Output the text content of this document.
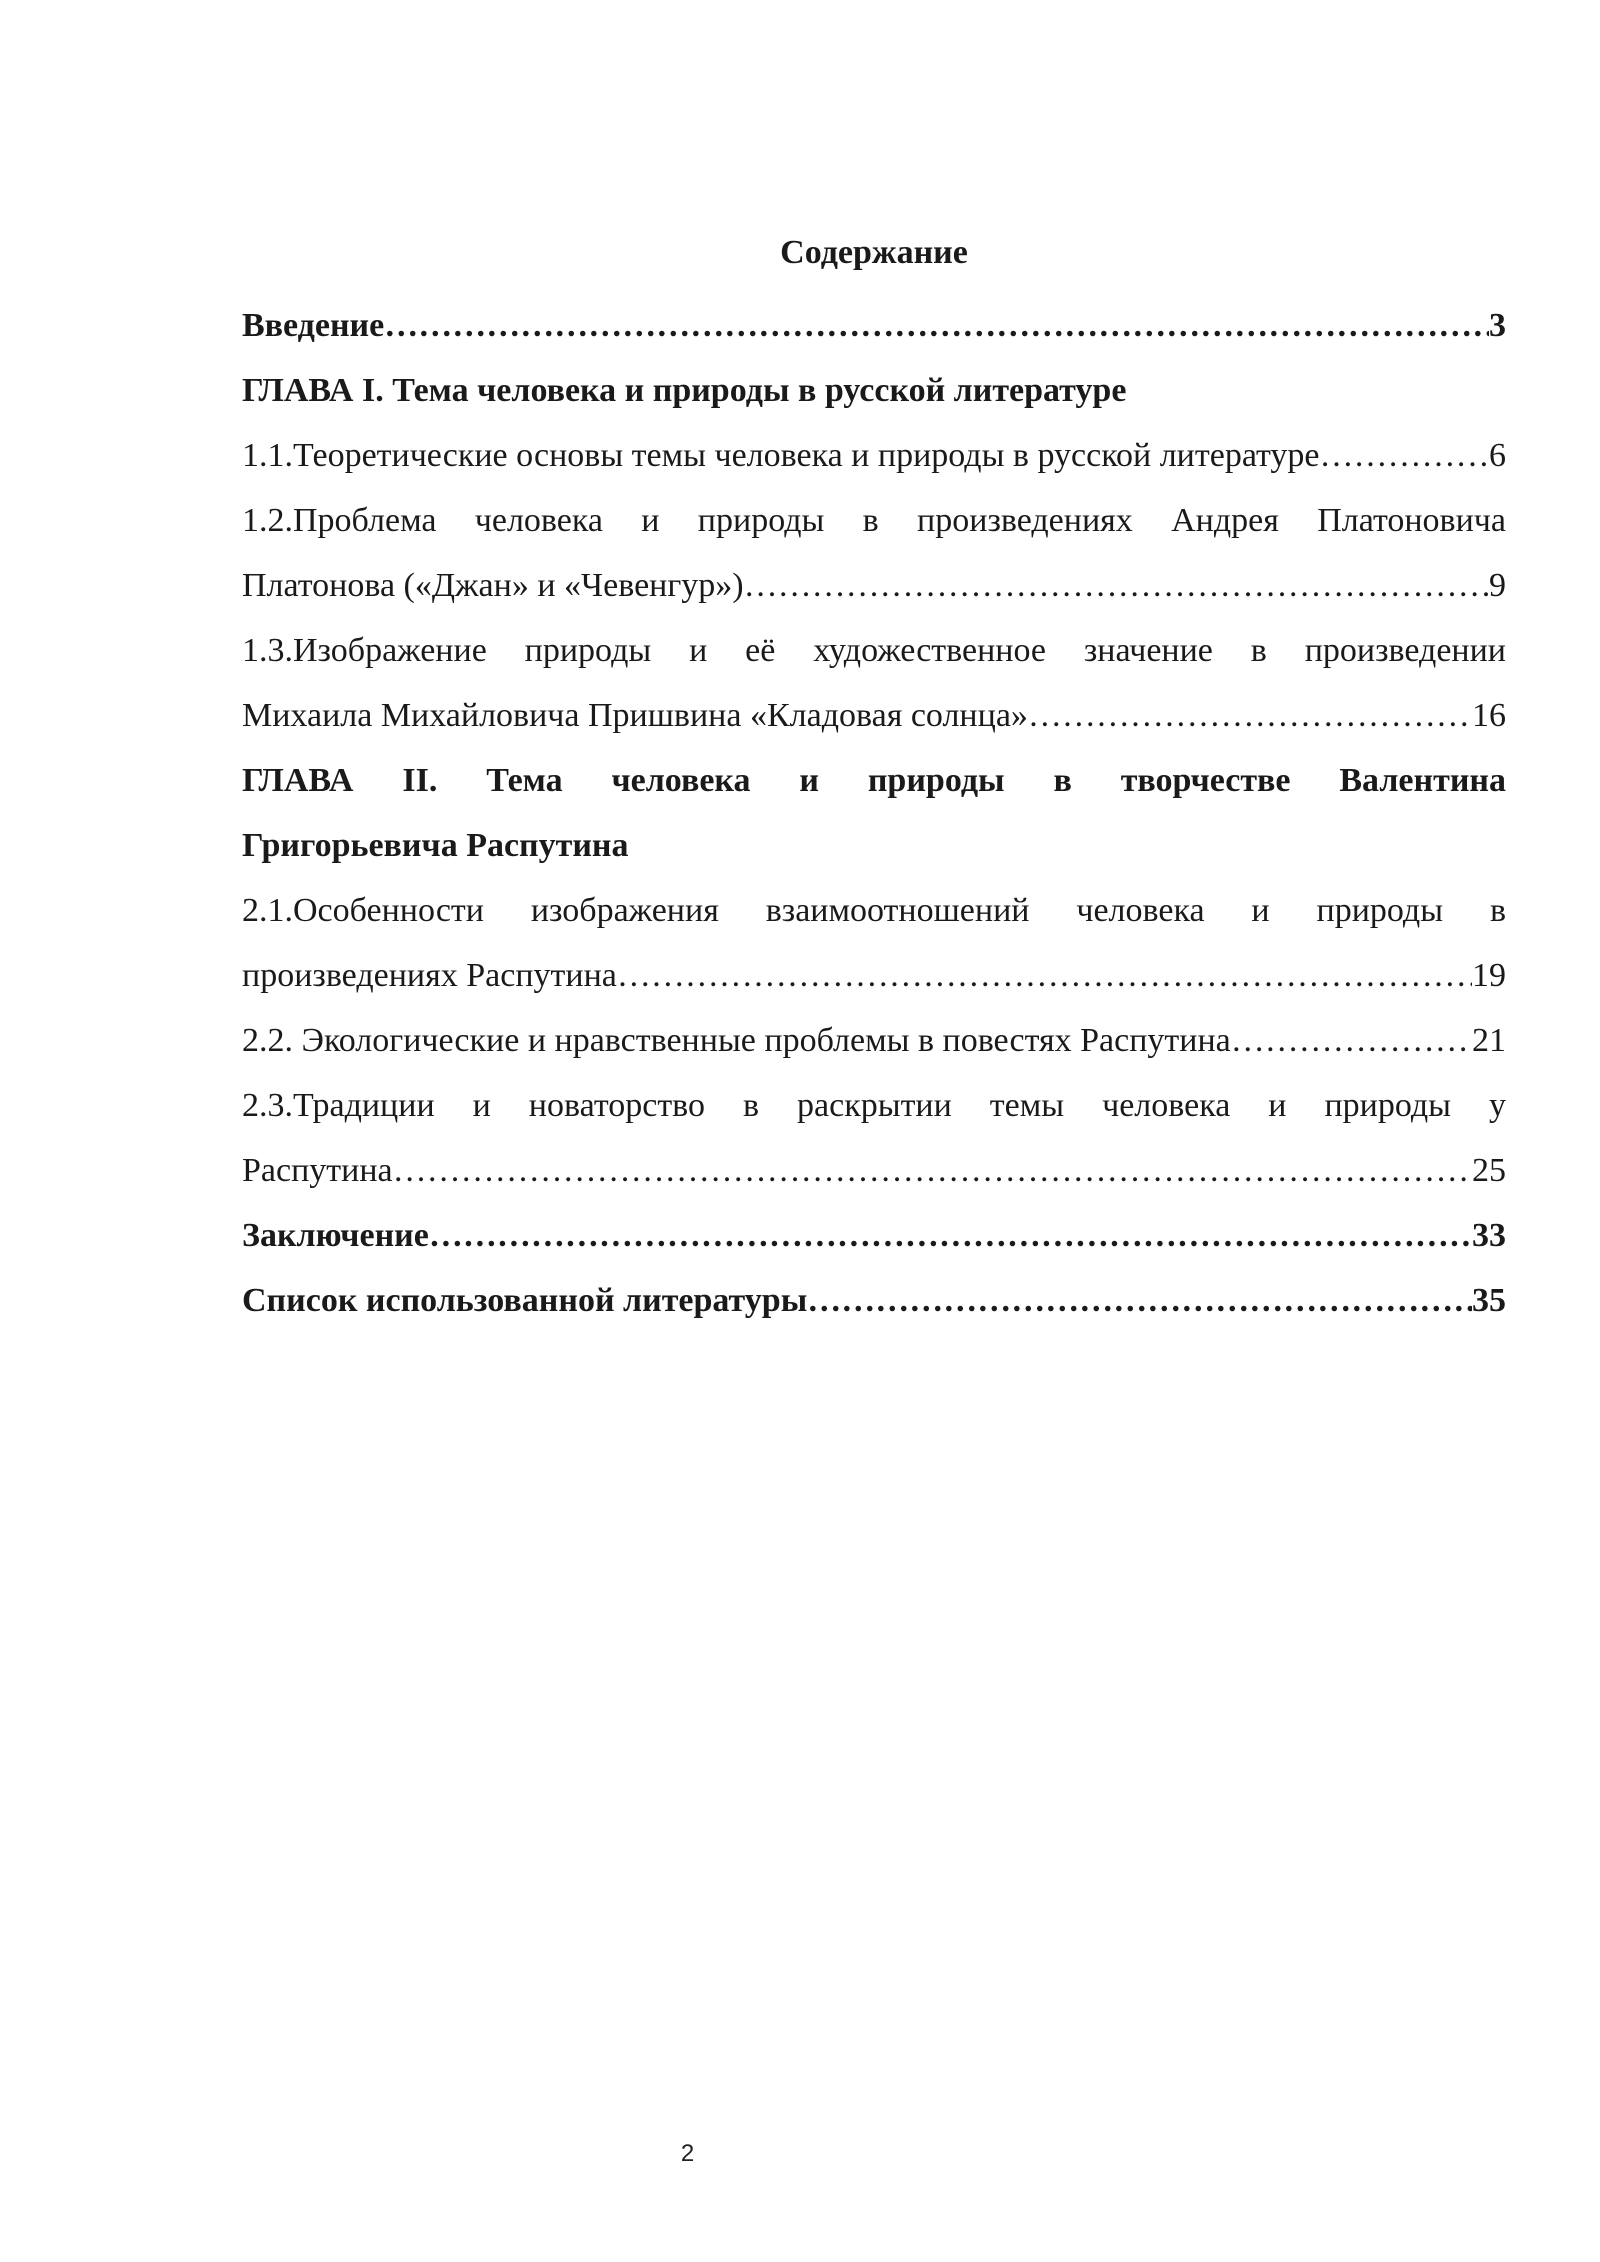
Содержание
Введение ………………………………………………………………………………………………………………………………………………………………………………………………	3
ГЛАВА I. Тема человека и природы в русской литературе
1.1.Теоретические основы темы человека и природы в русской литературе ………………………………………………………………………………………………………………………………………………………………………………………………	6
1.2.Проблема человека и природы в произведениях Андрея Платоновича
Платонова («Джан» и «Чевенгур») ………………………………………………………………………………………………………………………………………………………………………………………………	9
1.3.Изображение природы и её художественное значение в произведении
Михаила Михайловича Пришвина «Кладовая солнца» ………………………………………………………………………………………………………………………………………………………………………………………………	16
ГЛАВА II. Тема человека и природы в творчестве Валентина
Григорьевича Распутина
2.1.Особенности изображения взаимоотношений человека и природы в
произведениях Распутина ………………………………………………………………………………………………………………………………………………………………………………………………	19
2.2. Экологические и нравственные проблемы в повестях Распутина ………………………………………………………………………………………………………………………………………………………………………………………………	21
2.3.Традиции и новаторство в раскрытии темы человека и природы у
Распутина ………………………………………………………………………………………………………………………………………………………………………………………………	25
Заключение ………………………………………………………………………………………………………………………………………………………………………………………………	33
Список использованной литературы ………………………………………………………………………………………………………………………………………………………………………………………………	35
2
